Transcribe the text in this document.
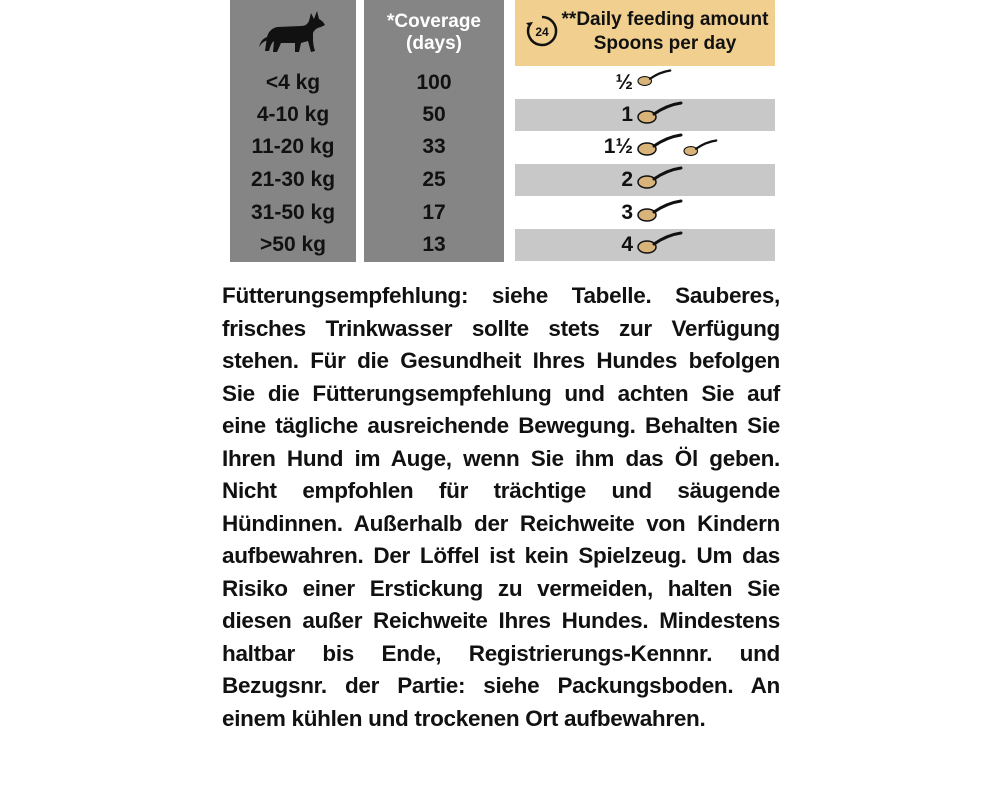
<4 kg
4-10 kg
11-20 kg
21-30 kg
31-50 kg
>50 kg
*Coverage (days)
100
50
33
25
17
13
24
**Daily feeding amount
Spoons per day
½
1
1½
2
3
4

Fütterungsempfehlung: siehe Tabelle. Sauberes, frisches Trinkwasser sollte stets zur Verfügung stehen. Für die Gesundheit Ihres Hundes befolgen Sie die Fütterungsempfehlung und achten Sie auf eine tägliche ausreichende Bewegung. Behalten Sie Ihren Hund im Auge, wenn Sie ihm das Öl geben. Nicht empfohlen für trächtige und säugende Hündinnen. Außerhalb der Reichweite von Kindern aufbewahren. Der Löffel ist kein Spielzeug. Um das Risiko einer Erstickung zu vermeiden, halten Sie diesen außer Reichweite Ihres Hundes. Mindestens haltbar bis Ende, Registrierungs-Kennnr. und Bezugsnr. der Partie: siehe Packungsboden. An einem kühlen und trockenen Ort aufbewahren.
